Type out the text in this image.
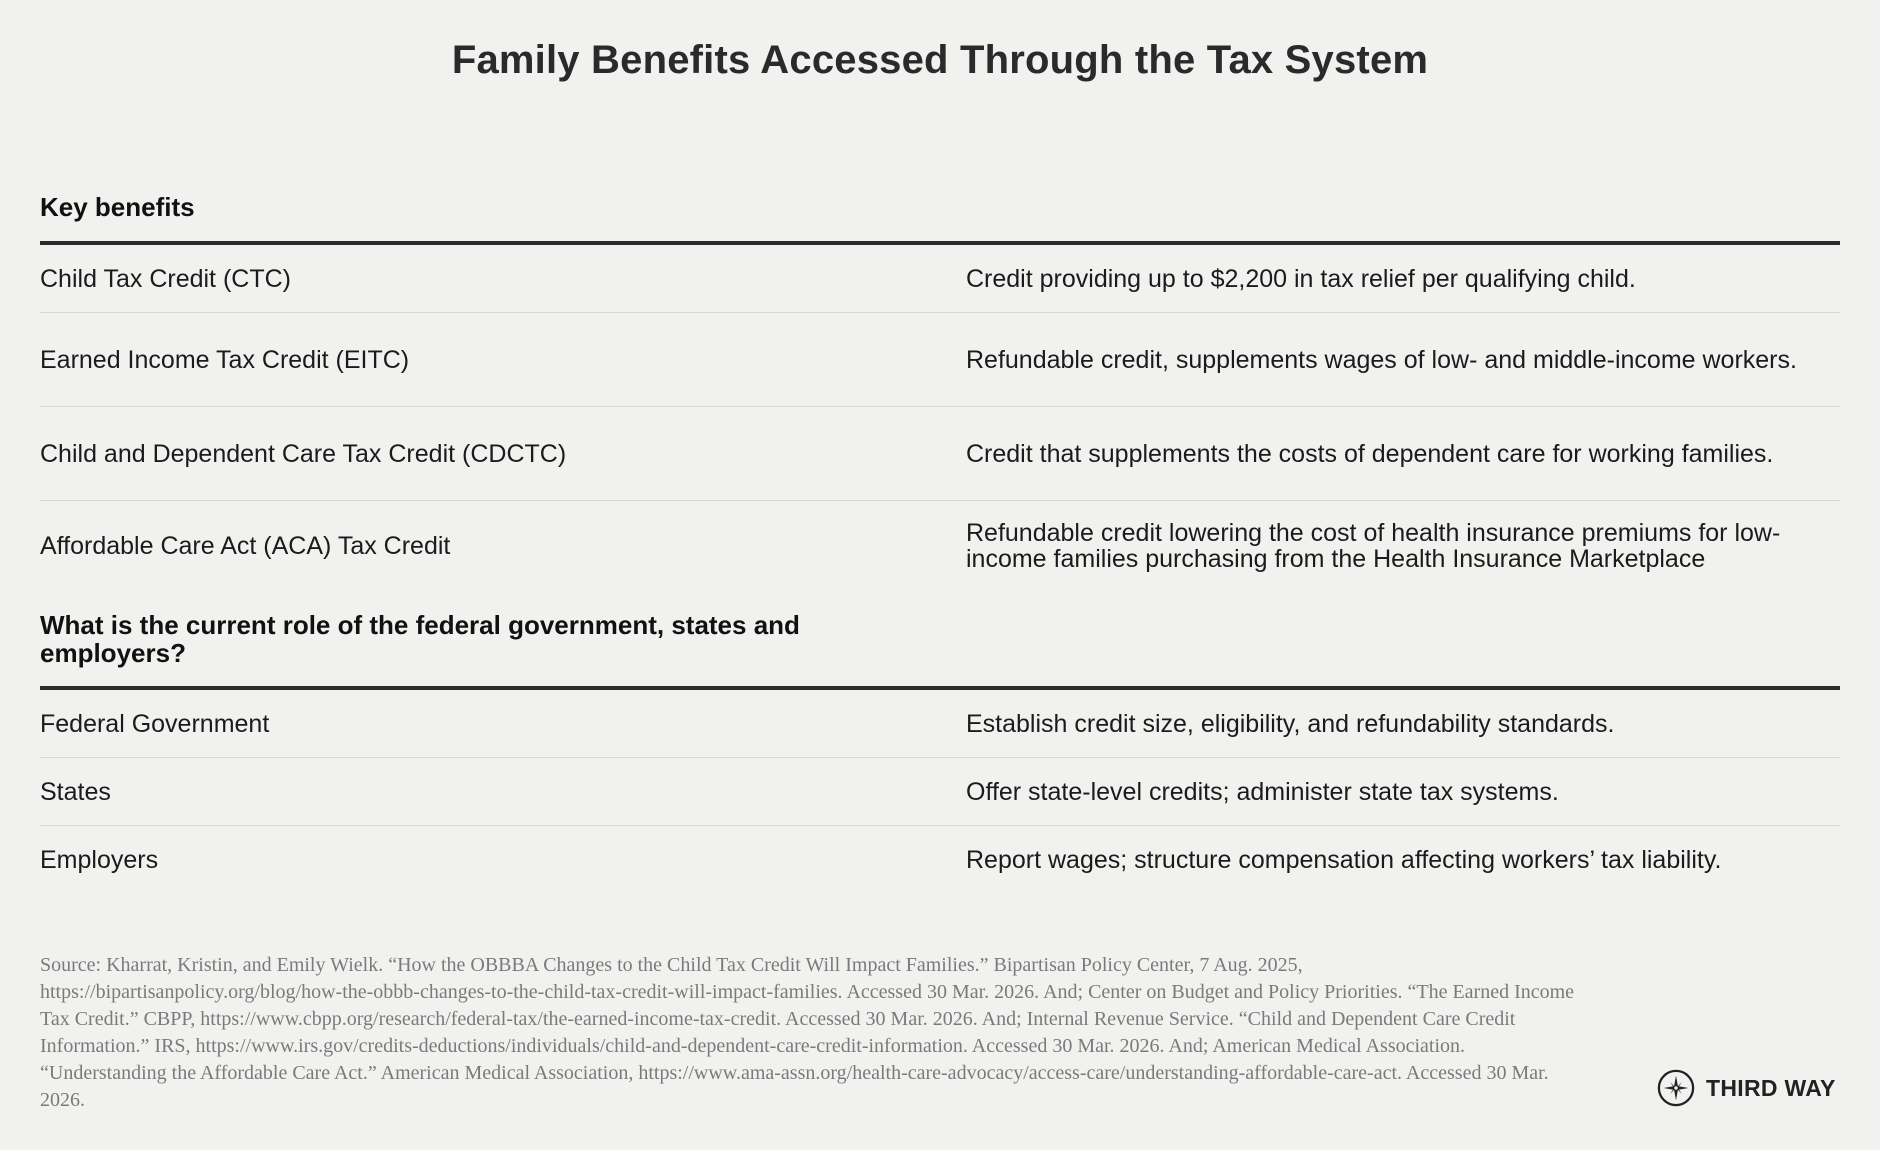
Family Benefits Accessed Through the Tax System
Key benefits
Child Tax Credit (CTC)	Credit providing up to $2,200 in tax relief per qualifying child.
Earned Income Tax Credit (EITC)	Refundable credit, supplements wages of low- and middle-income workers.
Child and Dependent Care Tax Credit (CDCTC)	Credit that supplements the costs of dependent care for working families.
Affordable Care Act (ACA) Tax Credit	Refundable credit lowering the cost of health insurance premiums for low-income families purchasing from the Health Insurance Marketplace
What is the current role of the federal government, states and employers?
Federal Government	Establish credit size, eligibility, and refundability standards.
States	Offer state-level credits; administer state tax systems.
Employers	Report wages; structure compensation affecting workers’ tax liability.
Source: Kharrat, Kristin, and Emily Wielk. “How the OBBBA Changes to the Child Tax Credit Will Impact Families.” Bipartisan Policy Center, 7 Aug. 2025, https://bipartisanpolicy.org/blog/how-the-obbb-changes-to-the-child-tax-credit-will-impact-families. Accessed 30 Mar. 2026. And; Center on Budget and Policy Priorities. “The Earned Income Tax Credit.” CBPP, https://www.cbpp.org/research/federal-tax/the-earned-income-tax-credit. Accessed 30 Mar. 2026. And; Internal Revenue Service. “Child and Dependent Care Credit Information.” IRS, https://www.irs.gov/credits-deductions/individuals/child-and-dependent-care-credit-information. Accessed 30 Mar. 2026. And; American Medical Association. “Understanding the Affordable Care Act.” American Medical Association, https://www.ama-assn.org/health-care-advocacy/access-care/understanding-affordable-care-act. Accessed 30 Mar. 2026.	THIRD WAY
